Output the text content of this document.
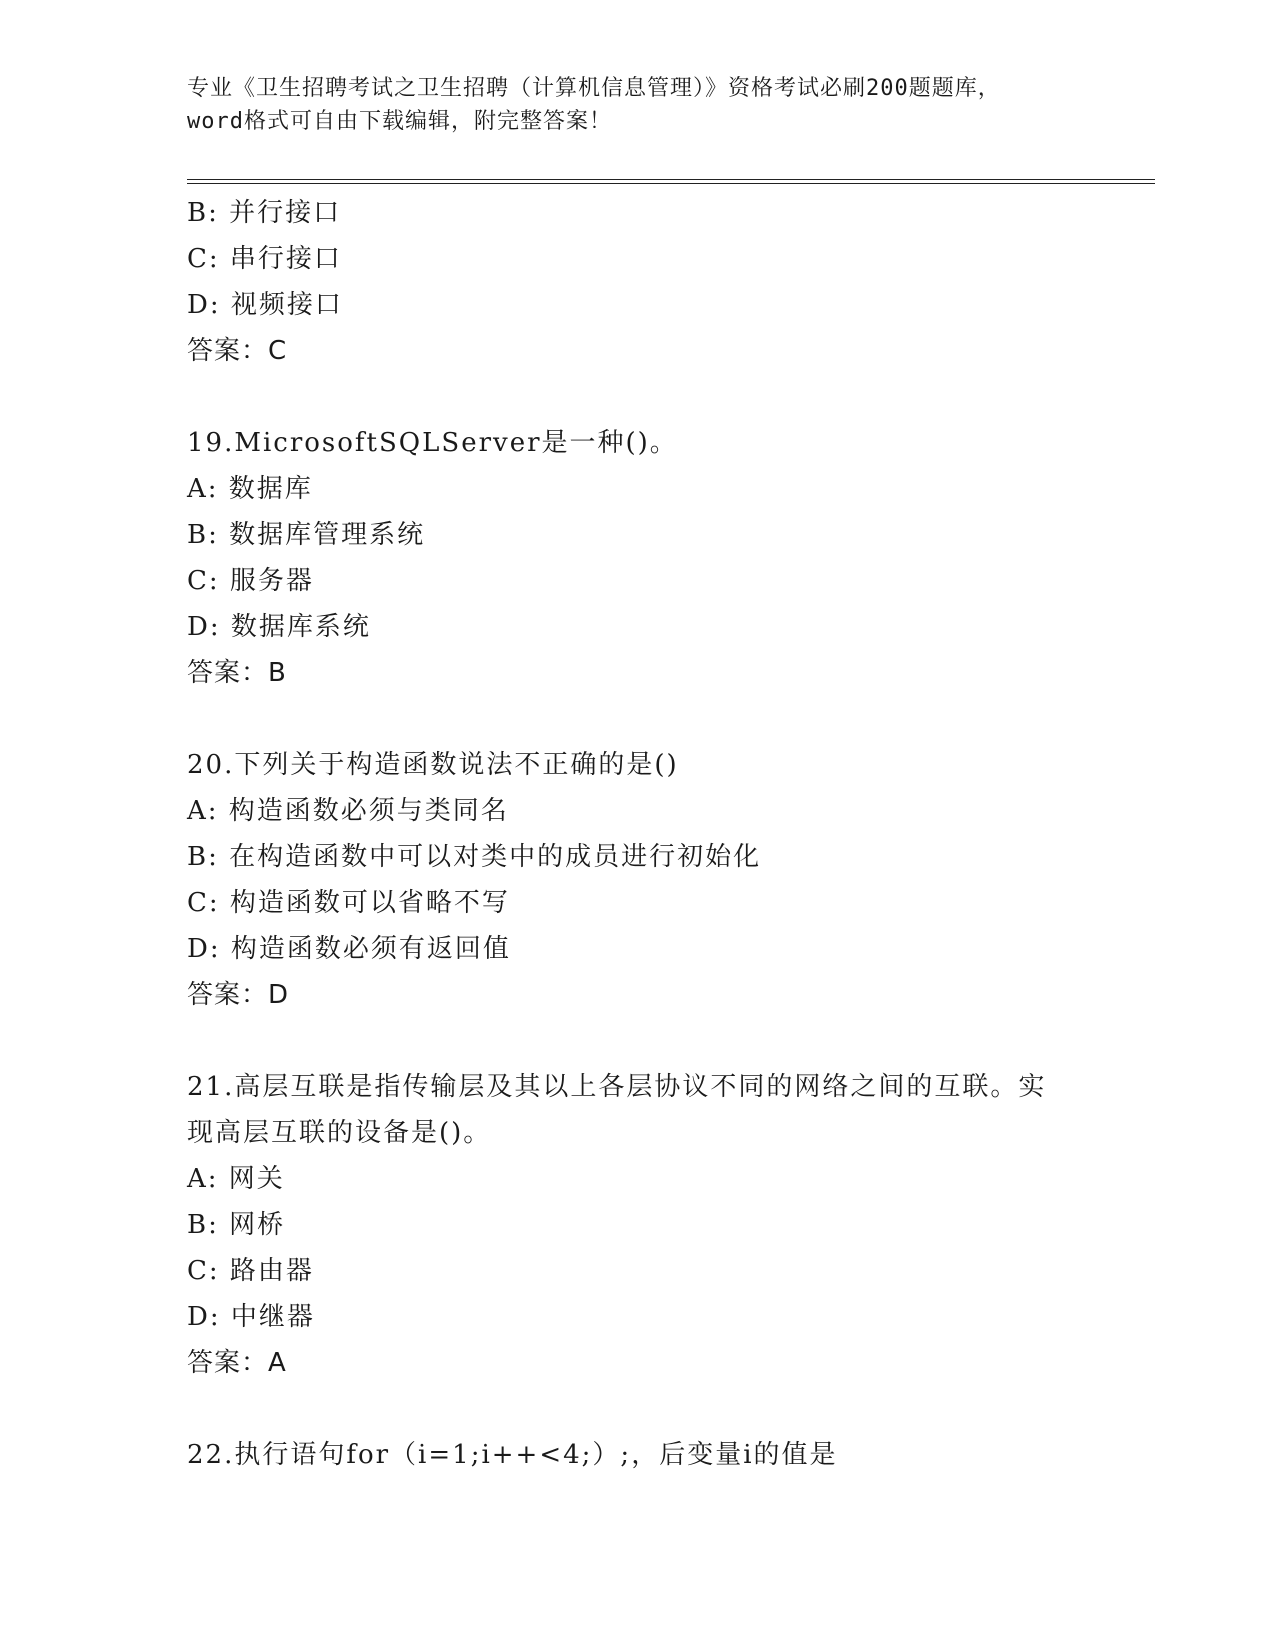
专业《卫生招聘考试之卫生招聘（计算机信息管理）》资格考试必刷200题题库，
word格式可自由下载编辑，附完整答案！
B: 并行接口
C: 串行接口
D: 视频接口
答案：C
19.MicrosoftSQLServer是一种()。
A: 数据库
B: 数据库管理系统
C: 服务器
D: 数据库系统
答案：B
20.下列关于构造函数说法不正确的是()
A: 构造函数必须与类同名
B: 在构造函数中可以对类中的成员进行初始化
C: 构造函数可以省略不写
D: 构造函数必须有返回值
答案：D
21.高层互联是指传输层及其以上各层协议不同的网络之间的互联。实
现高层互联的设备是()。
A: 网关
B: 网桥
C: 路由器
D: 中继器
答案：A
22.执行语句for（i=1;i++<4;）;，后变量i的值是
